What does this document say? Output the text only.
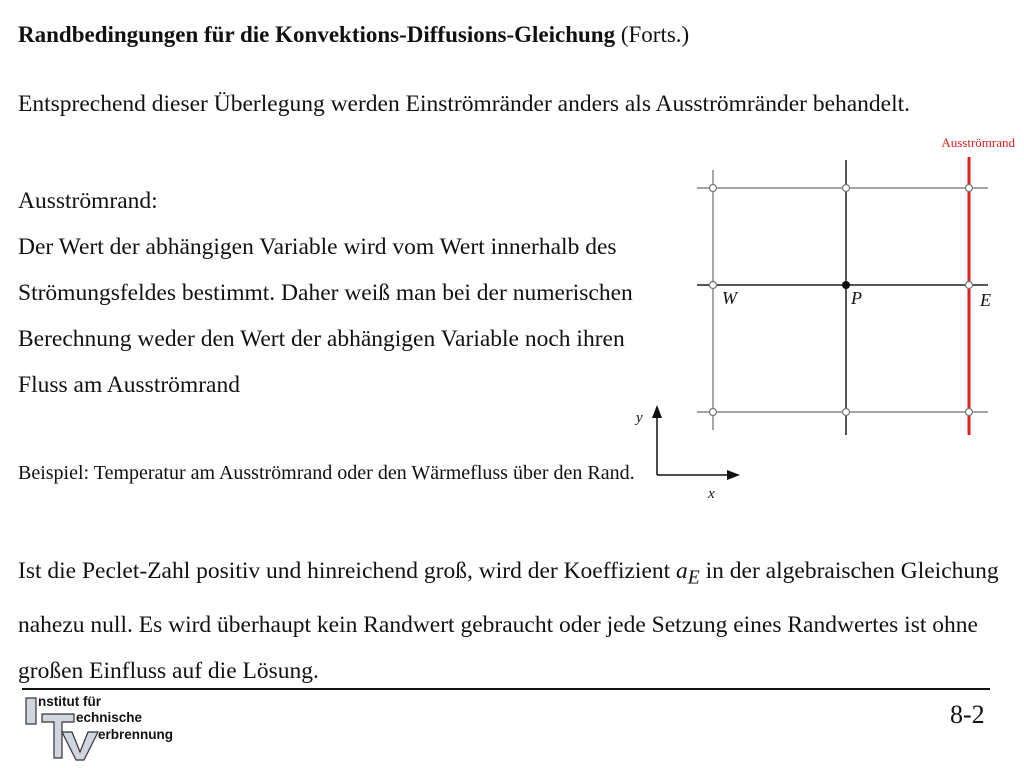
Randbedingungen für die Konvektions-Diffusions-Gleichung (Forts.)
Entsprechend dieser Überlegung werden Einströmränder anders als Ausströmränder behandelt.
Ausströmrand:
Der Wert der abhängigen Variable wird vom Wert innerhalb des Strömungsfeldes bestimmt. Daher weiß man bei der numerischen Berechnung weder den Wert der abhängigen Variable noch ihren Fluss am Ausströmrand
Beispiel: Temperatur am Ausströmrand oder den Wärmefluss über den Rand.
Ist die Peclet-Zahl positiv und hinreichend groß, wird der Koeffizient $a_E$ in der algebraischen Gleichung nahezu null. Es wird überhaupt kein Randwert gebraucht oder jede Setzung eines Randwertes ist ohne großen Einfluss auf die Lösung.
Ausströmrand
W	P	E
y
x
nstitut für
echnische
erbrennung
8-2
